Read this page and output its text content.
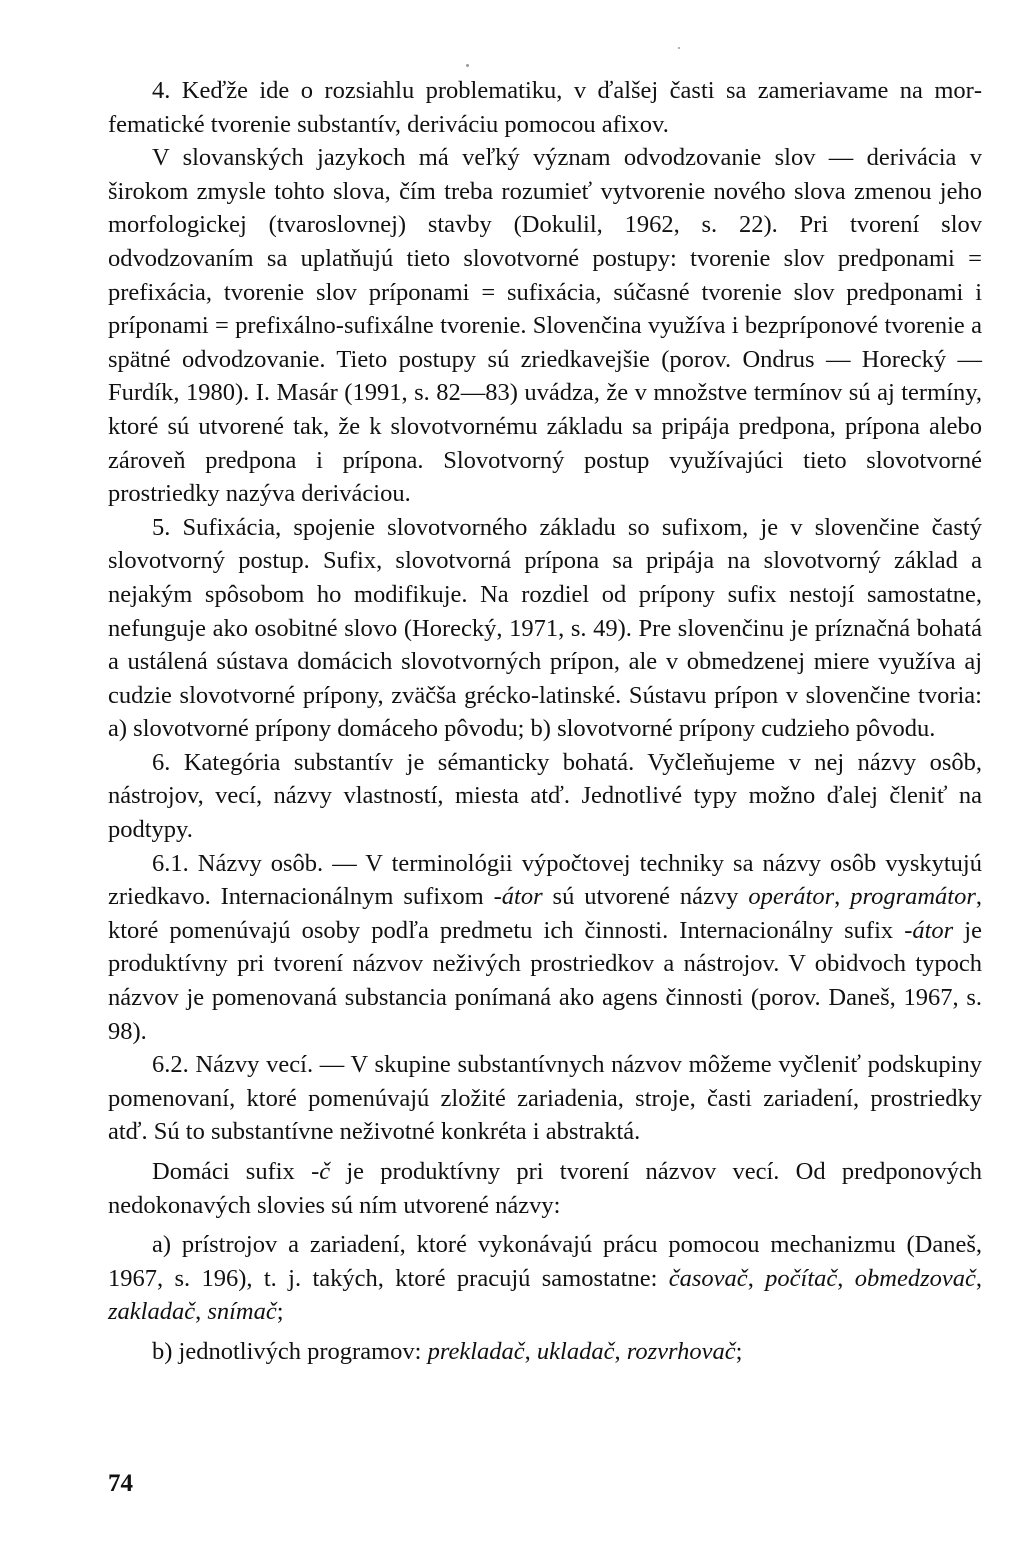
4. Keďže ide o rozsiahlu problematiku, v ďalšej časti sa zameriavame na morfematické tvorenie substantív, deriváciu pomocou afixov.

V slovanských jazykoch má veľký význam odvodzovanie slov — derivácia v širokom zmysle tohto slova, čím treba rozumieť vytvorenie nového slova zmenou jeho morfologickej (tvaroslovnej) stavby (Dokulil, 1962, s. 22). Pri tvorení slov odvodzovaním sa uplatňujú tieto slovotvorné postupy: tvorenie slov predponami = prefixácia, tvorenie slov príponami = sufixácia, súčasné tvorenie slov predponami i príponami = prefixálno-sufixálne tvorenie. Slovenčina využíva i bezpríponové tvorenie a spätné odvodzovanie. Tieto postupy sú zriedkavejšie (porov. Ondrus — Horecký — Furdík, 1980). I. Masár (1991, s. 82—83) uvádza, že v množstve termínov sú aj termíny, ktoré sú utvorené tak, že k slovotvornému základu sa pripája predpona, prípona alebo zároveň predpona i prípona. Slovotvorný postup využívajúci tieto slovotvorné prostriedky nazýva deriváciou.

5. Sufixácia, spojenie slovotvorného základu so sufixom, je v slovenčine častý slovotvorný postup. Sufix, slovotvorná prípona sa pripája na slovotvorný základ a nejakým spôsobom ho modifikuje. Na rozdiel od prípony sufix nestojí samostatne, nefunguje ako osobitné slovo (Horecký, 1971, s. 49). Pre slovenčinu je príznačná bohatá a ustálená sústava domácich slovotvorných prípon, ale v obmedzenej miere využíva aj cudzie slovotvorné prípony, zväčša grécko-latinské. Sústavu prípon v slovenčine tvoria: a) slovotvorné prípony domáceho pôvodu; b) slovotvorné prípony cudzieho pôvodu.

6. Kategória substantív je sémanticky bohatá. Vyčleňujeme v nej názvy osôb, nástrojov, vecí, názvy vlastností, miesta atď. Jednotlivé typy možno ďalej členiť na podtypy.

6.1. Názvy osôb. — V terminológii výpočtovej techniky sa názvy osôb vyskytujú zriedkavo. Internacionálnym sufixom -átor sú utvorené názvy operátor, programátor, ktoré pomenúvajú osoby podľa predmetu ich činnosti. Internacionálny sufix -átor je produktívny pri tvorení názvov neživých prostriedkov a nástrojov. V obidvoch typoch názvov je pomenovaná substancia ponímaná ako agens činnosti (porov. Daneš, 1967, s. 98).

6.2. Názvy vecí. — V skupine substantívnych názvov môžeme vyčleniť podskupiny pomenovaní, ktoré pomenúvajú zložité zariadenia, stroje, časti zariadení, prostriedky atď. Sú to substantívne neživotné konkréta i abstraktá.

Domáci sufix -č je produktívny pri tvorení názvov vecí. Od predponových nedokonavých slovies sú ním utvorené názvy:

a) prístrojov a zariadení, ktoré vykonávajú prácu pomocou mechanizmu (Daneš, 1967, s. 196), t. j. takých, ktoré pracujú samostatne: časovač, počítač, obmedzovač, zakladač, snímač;

b) jednotlivých programov: prekladač, ukladač, rozvrhovač;

74
